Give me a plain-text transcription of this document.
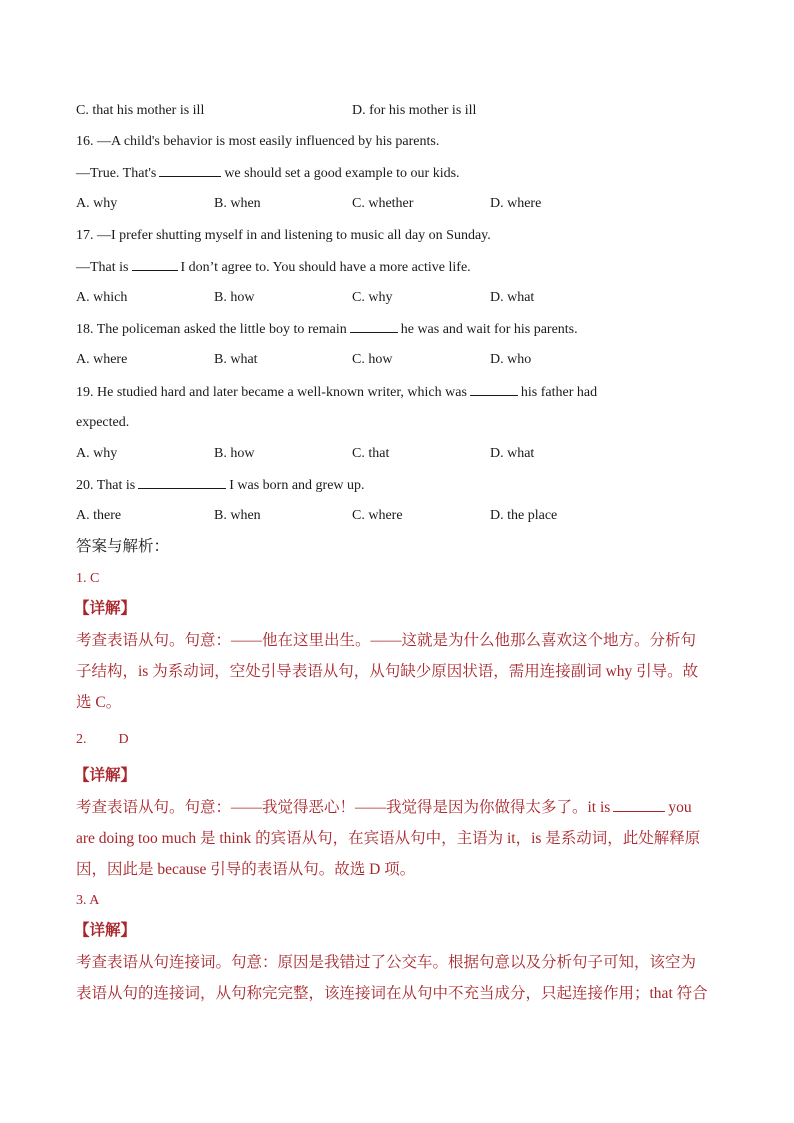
C. that his mother is ill	D. for his mother is ill
16. —A child's behavior is most easily influenced by his parents.
—True. That's	we should set a good example to our kids.
A. why	B. when	C. whether	D. where
17. —I prefer shutting myself in and listening to music all day on Sunday.
—That is	I don’t agree to. You should have a more active life.
A. which	B. how	C. why	D. what
18. The policeman asked the little boy to remain	he was and wait for his parents.
A. where	B. what	C. how	D. who
19. He studied hard and later became a well-known writer, which was	his father had
expected.
A. why	B. how	C. that	D. what
20. That is	I was born and grew up.
A. there	B. when	C. where	D. the place
答案与解析：
1. C
【详解】
考查表语从句。句意：——他在这里出生。——这就是为什么他那么喜欢这个地方。分析句
子结构，is 为系动词，空处引导表语从句，从句缺少原因状语，需用连接副词 why 引导。故
选 C。
2. D
【详解】
考查表语从句。句意：——我觉得恶心！——我觉得是因为你做得太多了。it is	you
are doing too much 是 think 的宾语从句，在宾语从句中，主语为 it，is 是系动词，此处解释原
因，因此是 because 引导的表语从句。故选 D 项。
3. A
【详解】
考查表语从句连接词。句意：原因是我错过了公交车。根据句意以及分析句子可知，该空为
表语从句的连接词，从句称完完整，该连接词在从句中不充当成分，只起连接作用；that 符合
